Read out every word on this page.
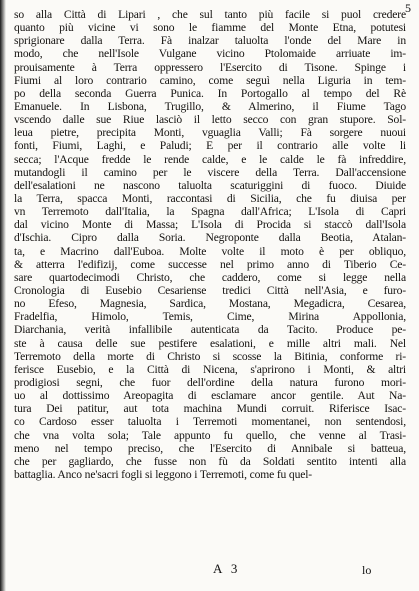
5
so alla Città di Lipari , che sul tanto più facile si puol credere
quanto più vicine vi sono le fiamme del Monte Etna, potutesi
sprigionare dalla Terra. Fà inalzar taluolta l'onde del Mare in
modo, che nell'Isole Vulgane vicino Ptolomaide arriuate im-
prouisamente à Terra oppressero l'Esercito di Tisone. Spinge i
Fiumi al loro contrario camino, come seguì nella Liguria in tem-
po della seconda Guerra Punica. In Portogallo al tempo del Rè
Emanuele. In Lisbona, Trugillo, & Almerino, il Fiume Tago
vscendo dalle sue Riue lasciò il letto secco con gran stupore. Sol-
leua pietre, precipita Monti, vguaglia Valli; Fà sorgere nuoui
fonti, Fiumi, Laghi, e Paludi; E per il contrario alle volte li
secca; l'Acque fredde le rende calde, e le calde le fà infreddire,
mutandogli il camino per le viscere della Terra. Dall'accensione
dell'esalationi ne nascono taluolta scaturiggini di fuoco. Diuide
la Terra, spacca Monti, raccontasi di Sicilia, che fu diuisa per
vn Terremoto dall'Italia, la Spagna dall'Africa; L'Isola di Capri
dal vicino Monte di Massa; L'Isola di Procida si staccò dall'Isola
d'Ischia. Cipro dalla Soria. Negroponte dalla Beotia, Atalan-
ta, e Macrino dall'Euboa. Molte volte il moto è per obliquo,
& atterra l'edifizij, come successe nel primo anno di Tiberio Ce-
sare quartodecimodi Christo, che caddero, come si legge nella
Cronologia di Eusebio Cesariense tredici Città nell'Asia, e furo-
no Efeso, Magnesia, Sardica, Mostana, Megadicra, Cesarea,
Fradelfia, Himolo, Temis, Cime, Mirina Appollonia,
Diarchania, verità infallibile autenticata da Tacito. Produce pe-
ste à causa delle sue pestifere esalationi, e mille altri mali. Nel
Terremoto della morte di Christo si scosse la Bitinia, conforme ri-
ferisce Eusebio, e la Città di Nicena, s'aprirono i Monti, & altri
prodigiosi segni, che fuor dell'ordine della natura furono mori-
uo al dottissimo Areopagita di esclamare ancor gentile. Aut Na-
tura Dei patitur, aut tota machina Mundi corruit. Riferisce Isac-
co Cardoso esser taluolta i Terremoti momentanei, non sentendosi,
che vna volta sola; Tale appunto fu quello, che venne al Trasi-
meno nel tempo preciso, che l'Esercito di Annibale si batteua,
che per gagliardo, che fusse non fù da Soldati sentito intenti alla
battaglia. Anco ne'sacri fogli si leggono i Terremoti, come fu quel-
A 3	lo
